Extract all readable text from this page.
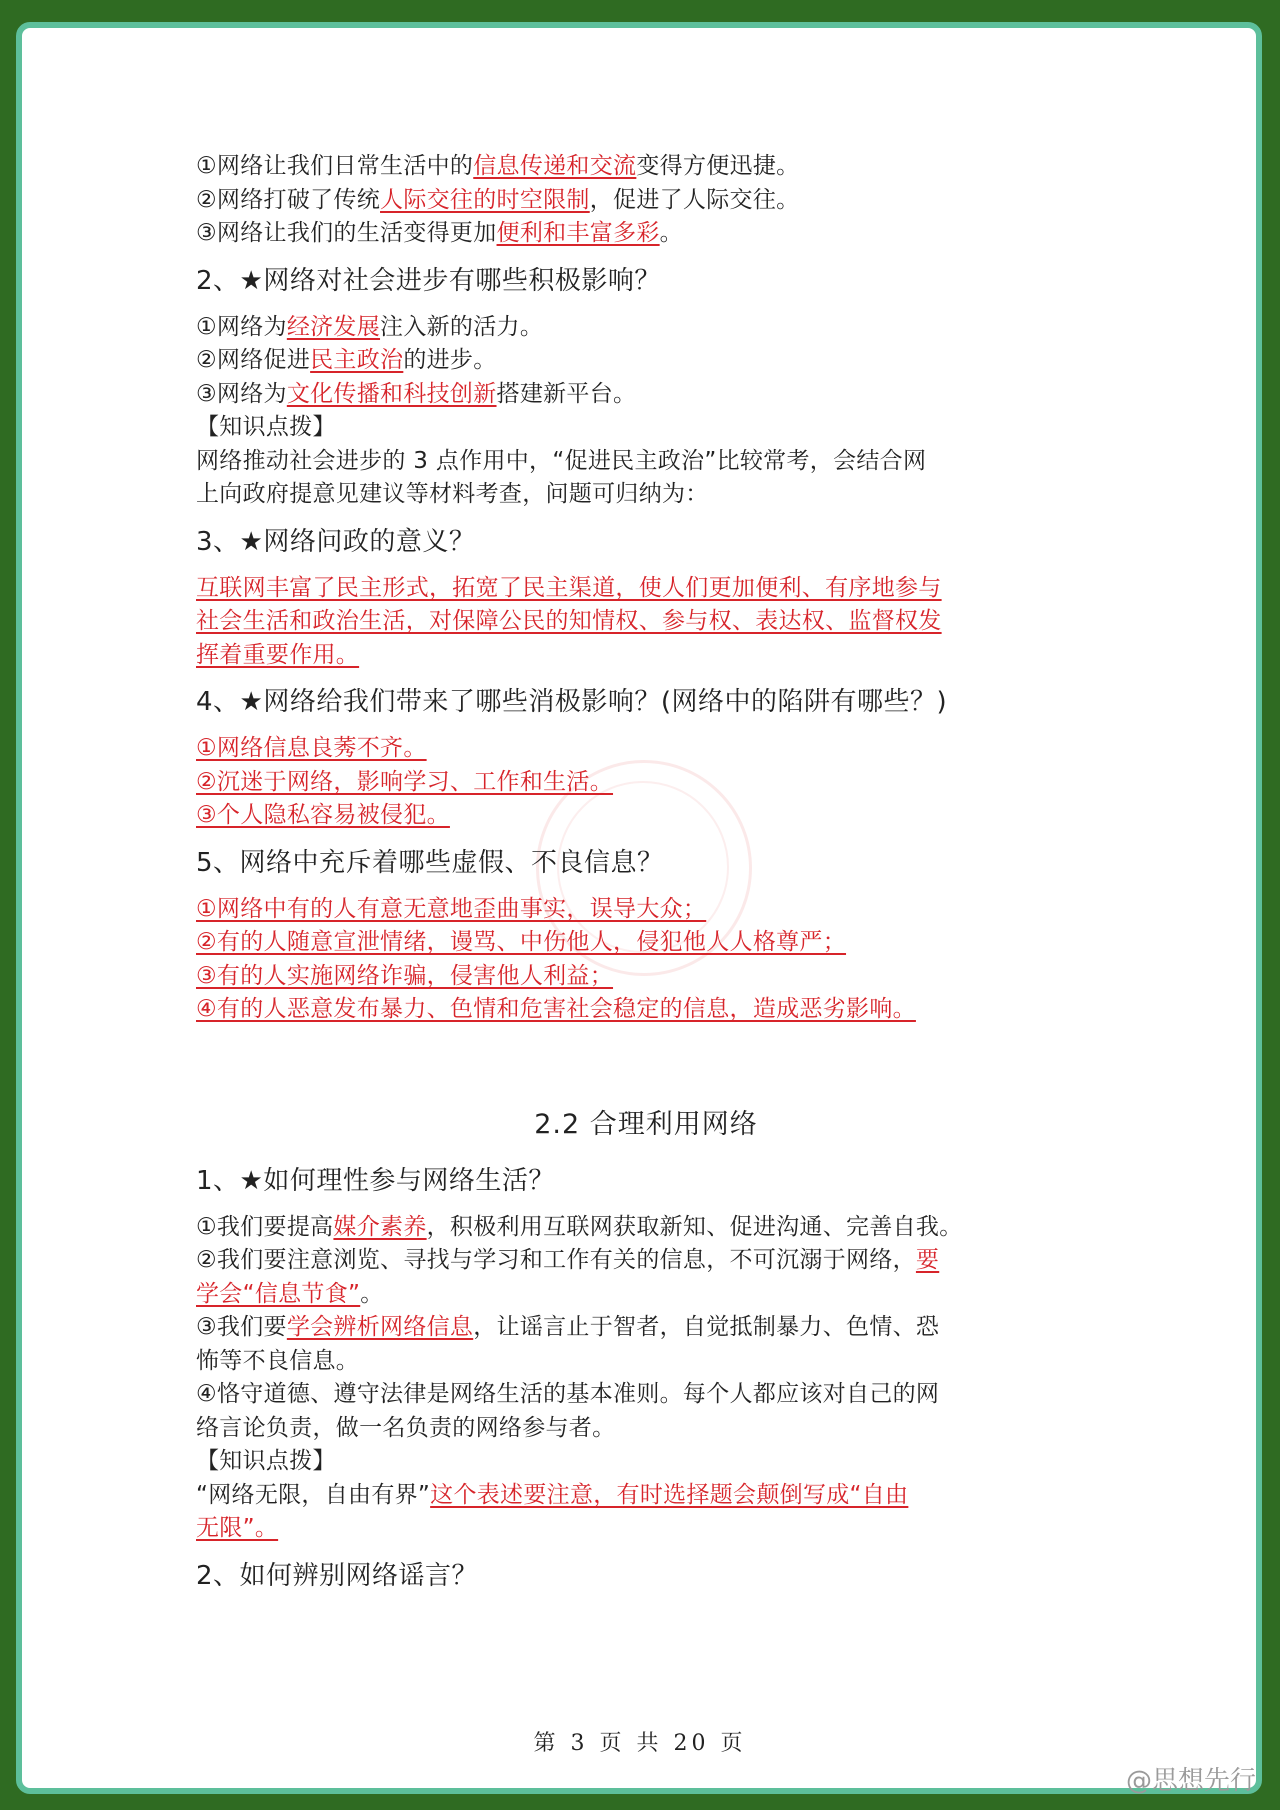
①网络让我们日常生活中的信息传递和交流变得方便迅捷。
②网络打破了传统人际交往的时空限制，促进了人际交往。
③网络让我们的生活变得更加便利和丰富多彩。
2、★网络对社会进步有哪些积极影响？
①网络为经济发展注入新的活力。
②网络促进民主政治的进步。
③网络为文化传播和科技创新搭建新平台。
【知识点拨】
网络推动社会进步的 3 点作用中，“促进民主政治”比较常考，会结合网
上向政府提意见建议等材料考查，问题可归纳为：
3、★网络问政的意义？
互联网丰富了民主形式，拓宽了民主渠道，使人们更加便利、有序地参与
社会生活和政治生活，对保障公民的知情权、参与权、表达权、监督权发
挥着重要作用。
4、★网络给我们带来了哪些消极影响？(网络中的陷阱有哪些？)
①网络信息良莠不齐。
②沉迷于网络，影响学习、工作和生活。
③个人隐私容易被侵犯。
5、网络中充斥着哪些虚假、不良信息？
①网络中有的人有意无意地歪曲事实，误导大众；
②有的人随意宣泄情绪，谩骂、中伤他人，侵犯他人人格尊严；
③有的人实施网络诈骗，侵害他人利益；
④有的人恶意发布暴力、色情和危害社会稳定的信息，造成恶劣影响。
2.2 合理利用网络
1、★如何理性参与网络生活？
①我们要提高媒介素养，积极利用互联网获取新知、促进沟通、完善自我。
②我们要注意浏览、寻找与学习和工作有关的信息，不可沉溺于网络，要
学会“信息节食”。
③我们要学会辨析网络信息，让谣言止于智者，自觉抵制暴力、色情、恐
怖等不良信息。
④恪守道德、遵守法律是网络生活的基本准则。每个人都应该对自己的网
络言论负责，做一名负责的网络参与者。
【知识点拨】
“网络无限，自由有界”这个表述要注意，有时选择题会颠倒写成“自由
无限”。
2、如何辨别网络谣言？
第 3 页 共 20 页
@思想先行
